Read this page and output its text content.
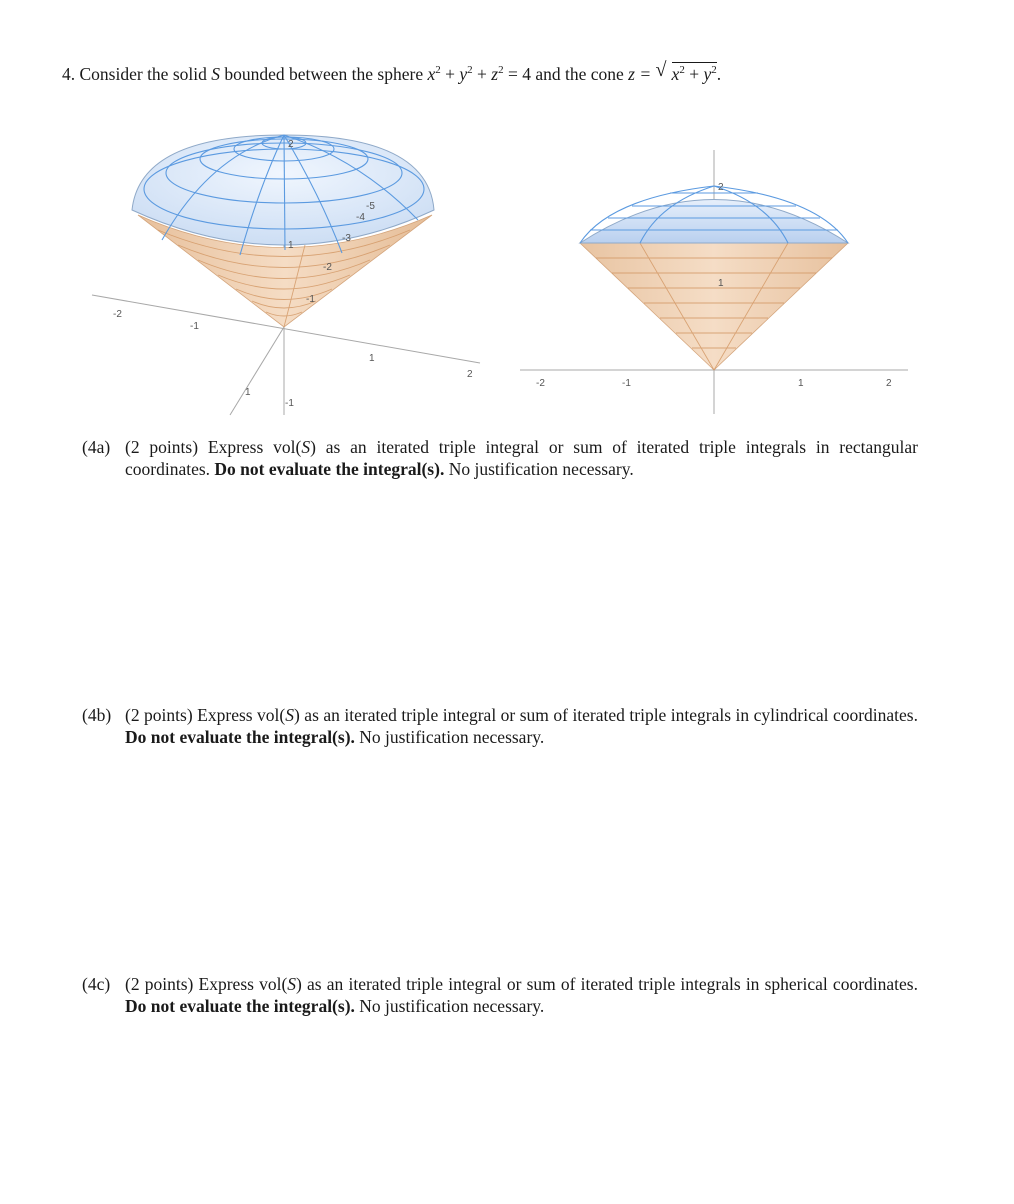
4. Consider the solid S bounded between the sphere $x^2 + y^2 + z^2 = 4$ and the cone z = √ $x^2 + y^2$.
-2
-1
1
2
1
-1
2
1
-5
-4
-3
-2
-1
-2	-1	1	2
2
1
(4a) (2 points) Express vol(S) as an iterated triple integral or sum of iterated triple integrals in rectangular coordinates. Do not evaluate the integral(s). No justification necessary.
(4b) (2 points) Express vol(S) as an iterated triple integral or sum of iterated triple integrals in cylindrical coordinates. Do not evaluate the integral(s). No justification necessary.
(4c) (2 points) Express vol(S) as an iterated triple integral or sum of iterated triple integrals in spherical coordinates. Do not evaluate the integral(s). No justification necessary.
